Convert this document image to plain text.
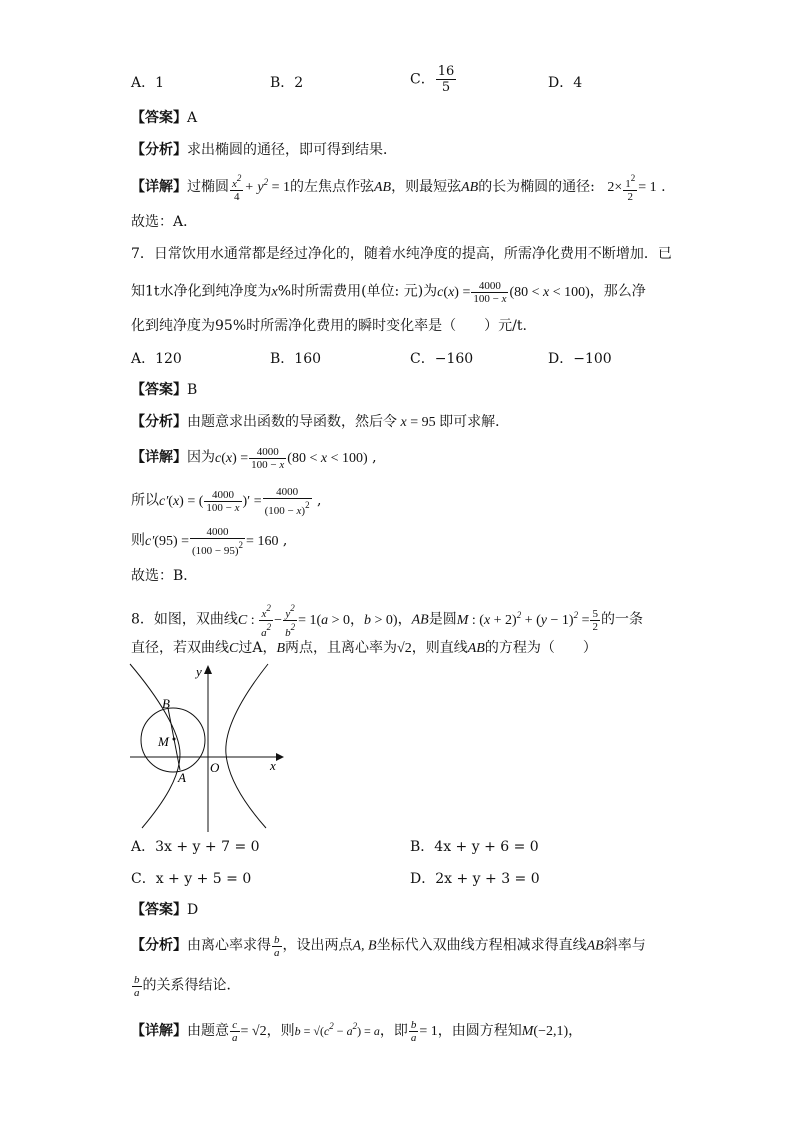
A．1	B．2	C． $\frac{16}{5}$	D．4
【答案】A
【分析】求出椭圆的通径，即可得到结果．
【详解】过椭圆 $\frac{x^2}{4} + y^2 = 1$的左焦点作弦AB，则最短弦AB的长为椭圆的通径: $2\times \frac{1^2}{2} = 1$ .
故选：A．
7．日常饮用水通常都是经过净化的，随着水纯净度的提高，所需净化费用不断增加．已
知1t水净化到纯净度为x%时所需费用(单位: 元)为$c(x) = \frac{4000}{100 - x} (80 < x < 100)$，那么净
化到纯净度为95%时所需净化费用的瞬时变化率是（　　）元/t.
A．120	B．160	C．−160	D．−100
【答案】B
【分析】由题意求出函数的导函数，然后令 x = 95 即可求解．
【详解】因为$c(x) = \frac{4000}{100 - x} (80 < x < 100)$ ,
所以c′(x) = ( $\frac{4000}{100 - x}$ )′ = $\frac{4000}{(100 - x)^2}$ ,
则$c'(95) = \frac{4000}{(100 - 95)^2} = 160$ ,
故选：B．
8．如图，双曲线C : $\frac{x^2}{a^2} - \frac{y^2}{b^2} = 1(a > 0$，b > 0)，AB是圆M : $(x + 2)^2 + (y - 1)^2 = \frac{5}{2}$ 的一条
直径，若双曲线C过A，B两点，且离心率为√2，则直线AB的方程为（　　）
B
M
A
O	x
y
A．3x + y + 7 = 0	B．4x + y + 6 = 0
C．x + y + 5 = 0	D．2x + y + 3 = 0
【答案】D
【分析】由离心率求得 $\frac{b}{a}$ ，设出两点A, B坐标代入双曲线方程相减求得直线AB斜率与
$\frac{b}{a}$ 的关系得结论．
【详解】由题意 $\frac{c}{a} = √2$，则$b = √(c^2 - a^2) = a$，即 $\frac{b}{a} = 1$，由圆方程知M(−2,1)，
